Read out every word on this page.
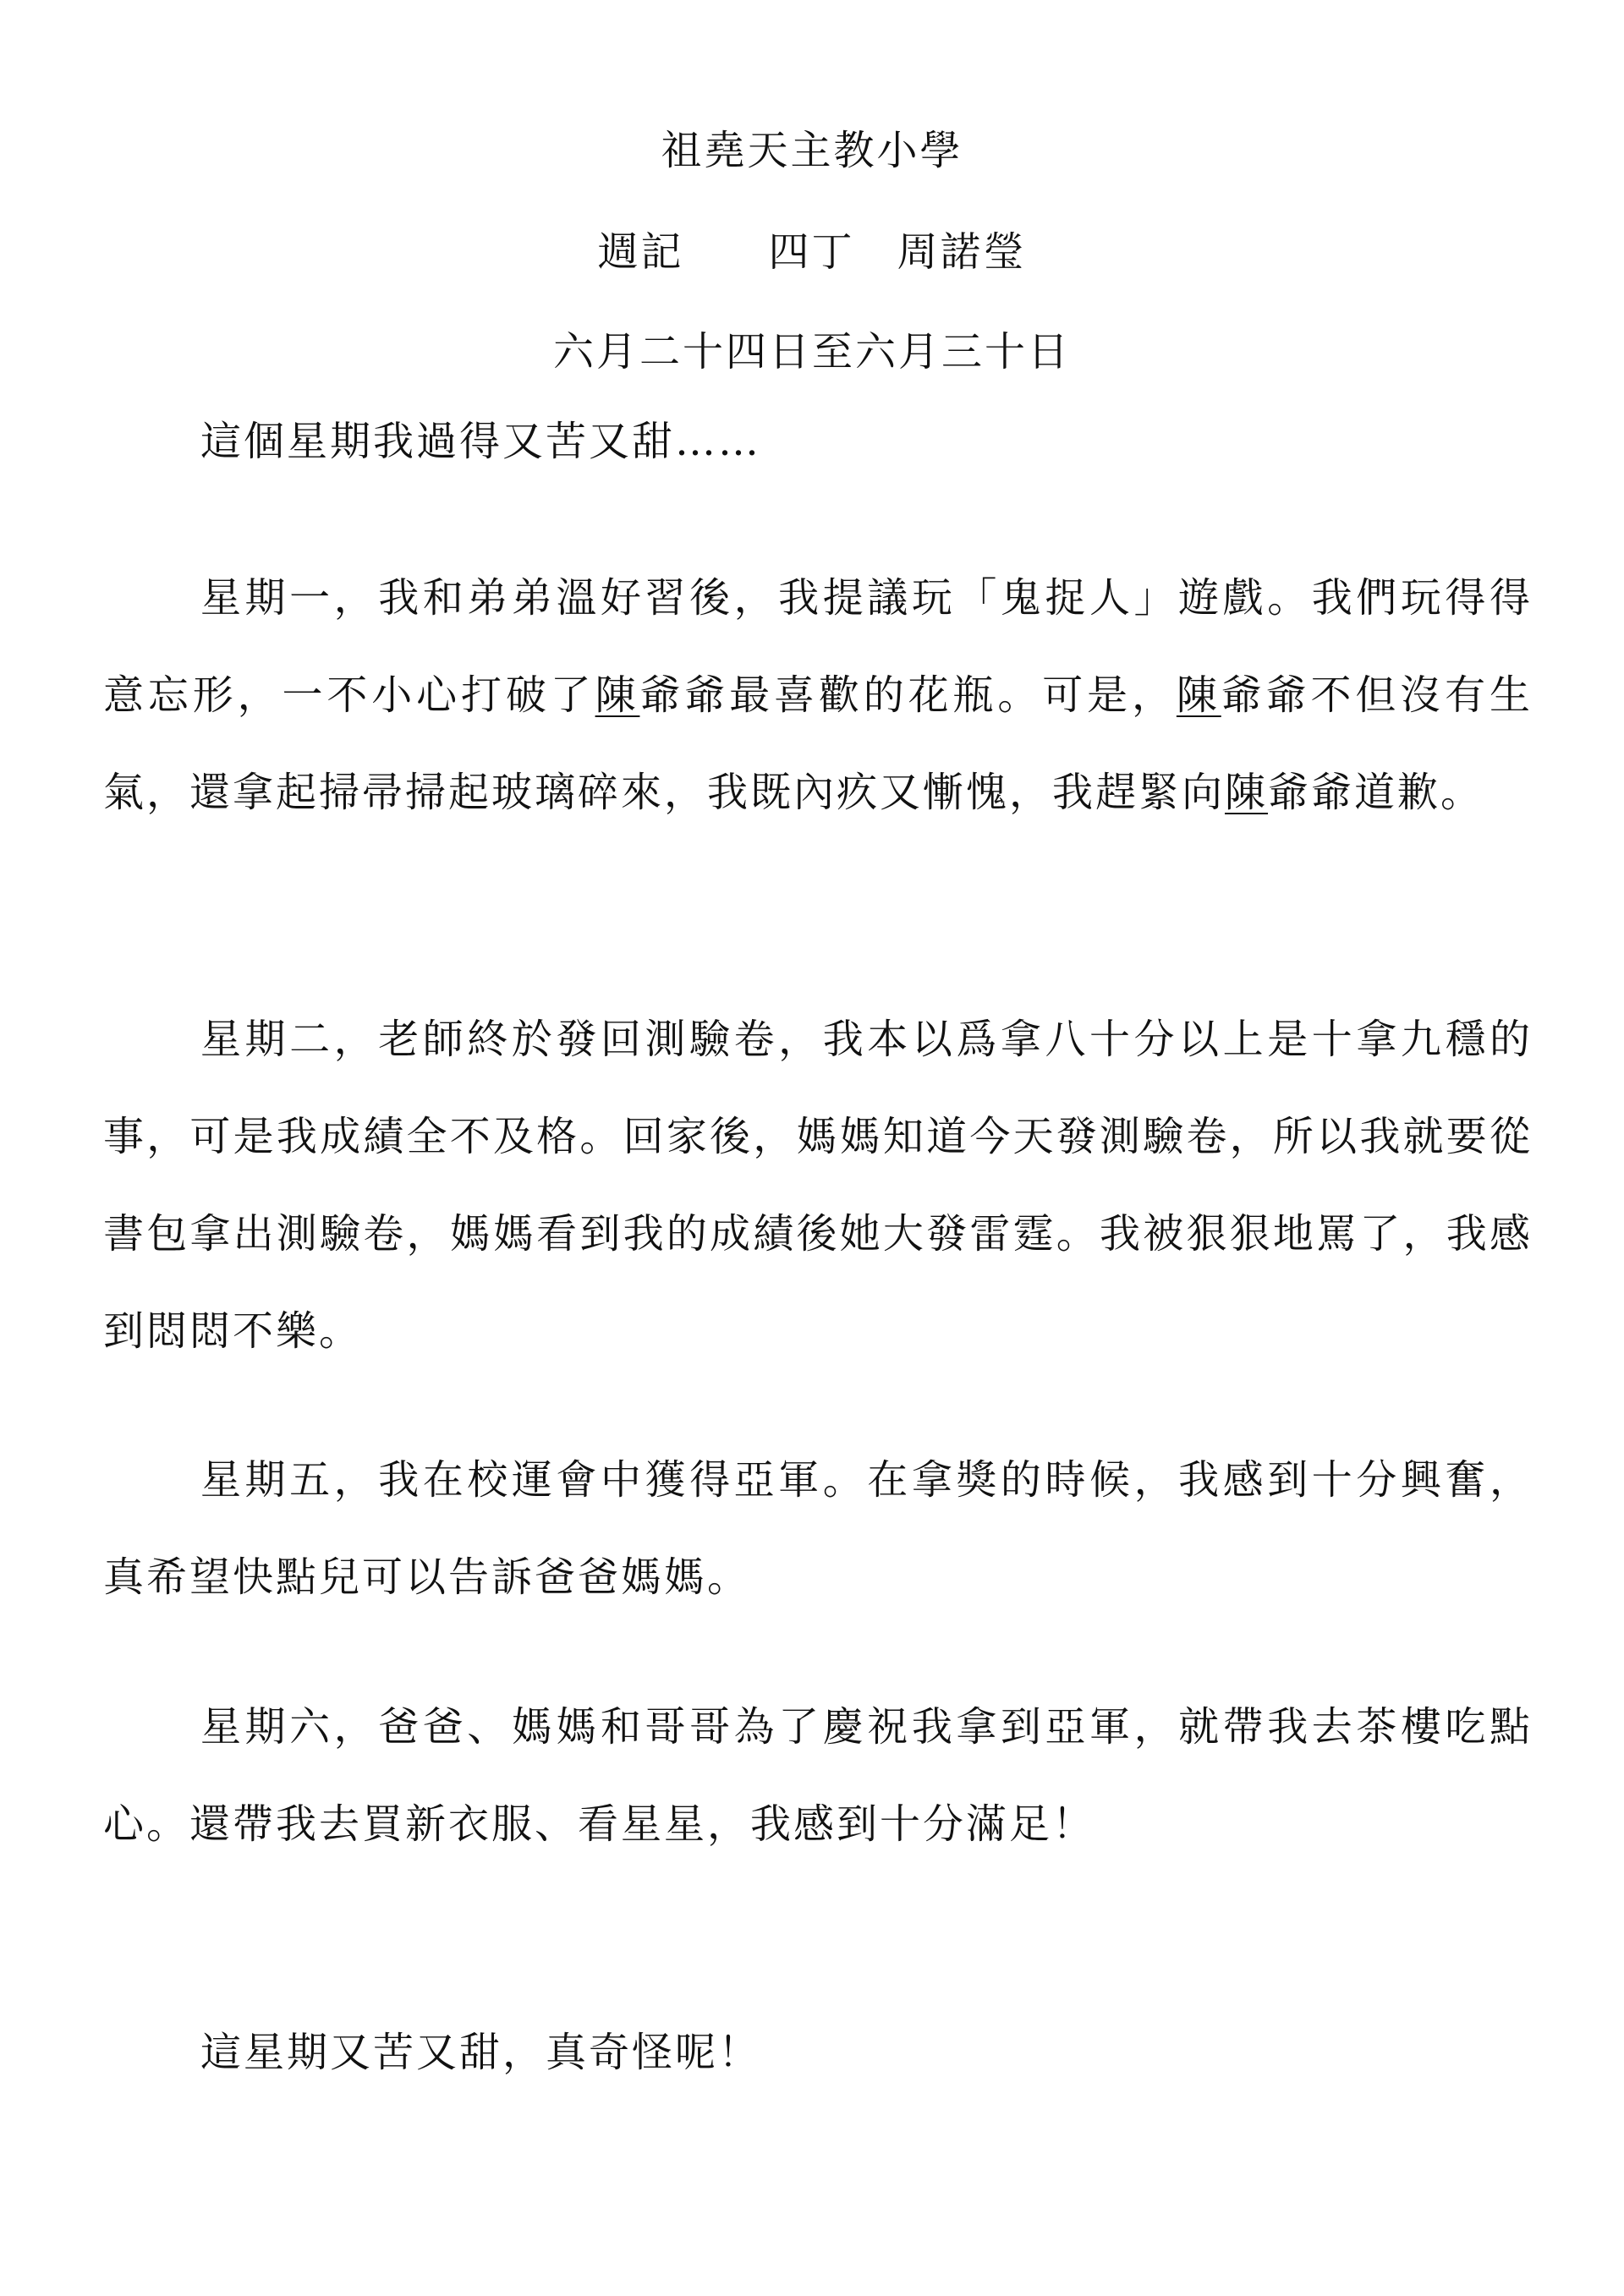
祖堯天主教小學
週記 四丁 周諾瑩
六月二十四日至六月三十日
這個星期我過得又苦又甜……
星期一，我和弟弟溫好習後，我提議玩「鬼捉人」遊戲。我們玩得得意忘形，一不小心打破了陳爺爺最喜歡的花瓶。可是，陳爺爺不但沒有生氣，還拿起掃帚掃起玻璃碎來，我既內疚又慚愧，我趕緊向陳爺爺道歉。
星期二，老師終於發回測驗卷，我本以爲拿八十分以上是十拿九穩的事，可是我成績全不及格。回家後，媽媽知道今天發測驗卷，所以我就要從書包拿出測驗卷，媽媽看到我的成績後她大發雷霆。我被狠狠地罵了，我感到悶悶不樂。
星期五，我在校運會中獲得亞軍。在拿獎的時候，我感到十分興奮，真希望快點兒可以告訴爸爸媽媽。
星期六，爸爸、媽媽和哥哥為了慶祝我拿到亞軍，就帶我去茶樓吃點心。還帶我去買新衣服、看星星，我感到十分滿足！
這星期又苦又甜，真奇怪呢！
